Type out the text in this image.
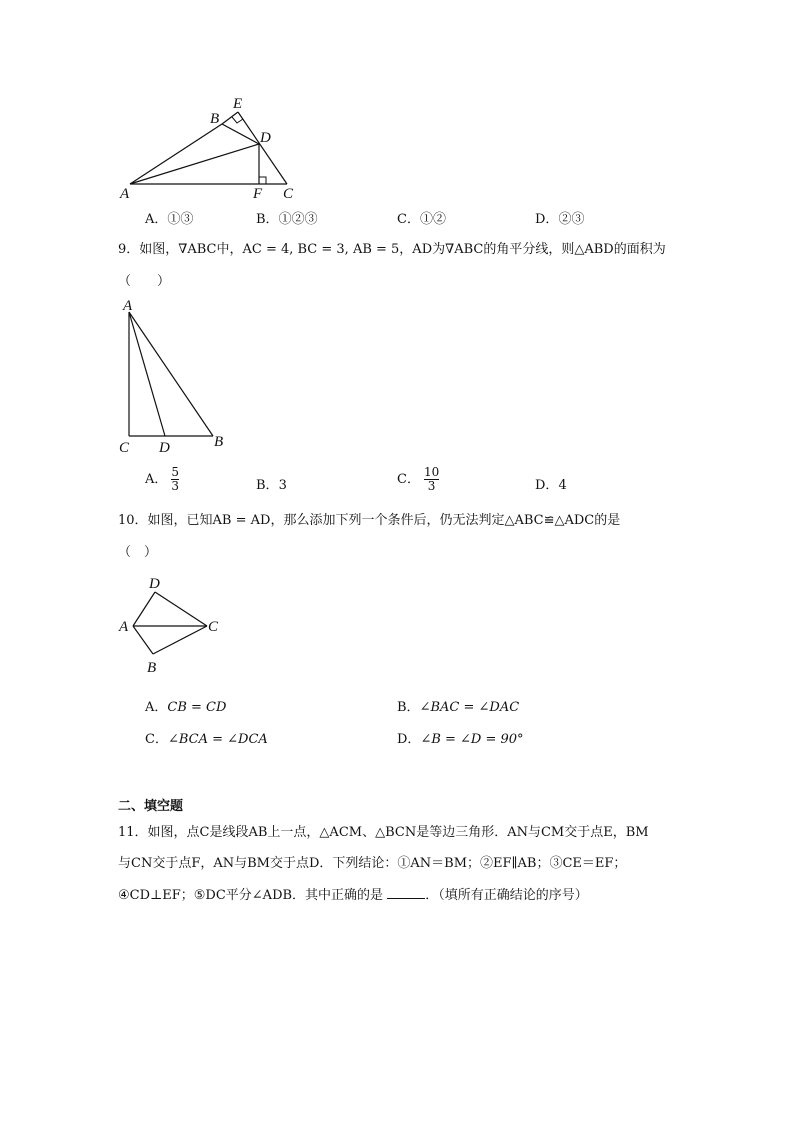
A
B
E
D
F C
A．①③	B．①②③	C．①②	D．②③
9．如图，∇ABC中，AC = 4, BC = 3, AB = 5，AD为∇ABC的角平分线，则△ABD的面积为
（　　）
A
C D	B
A． $\frac{5}{3}$	B．3	C． $\frac{10}{3}$	D．4
10．如图，已知AB = AD，那么添加下列一个条件后，仍无法判定△ABC≌△ADC的是
（　）
D
A	C
B
A．CB = CD	B．∠BAC = ∠DAC
C．∠BCA = ∠DCA	D．∠B = ∠D = 90°
二、填空题
11．如图，点C是线段AB上一点，△ACM、△BCN是等边三角形．AN与CM交于点E，BM
与CN交于点F，AN与BM交于点D．下列结论：①AN＝BM；②EF∥AB；③CE＝EF；
④CD⊥EF；⑤DC平分∠ADB．其中正确的是	．（填所有正确结论的序号）
